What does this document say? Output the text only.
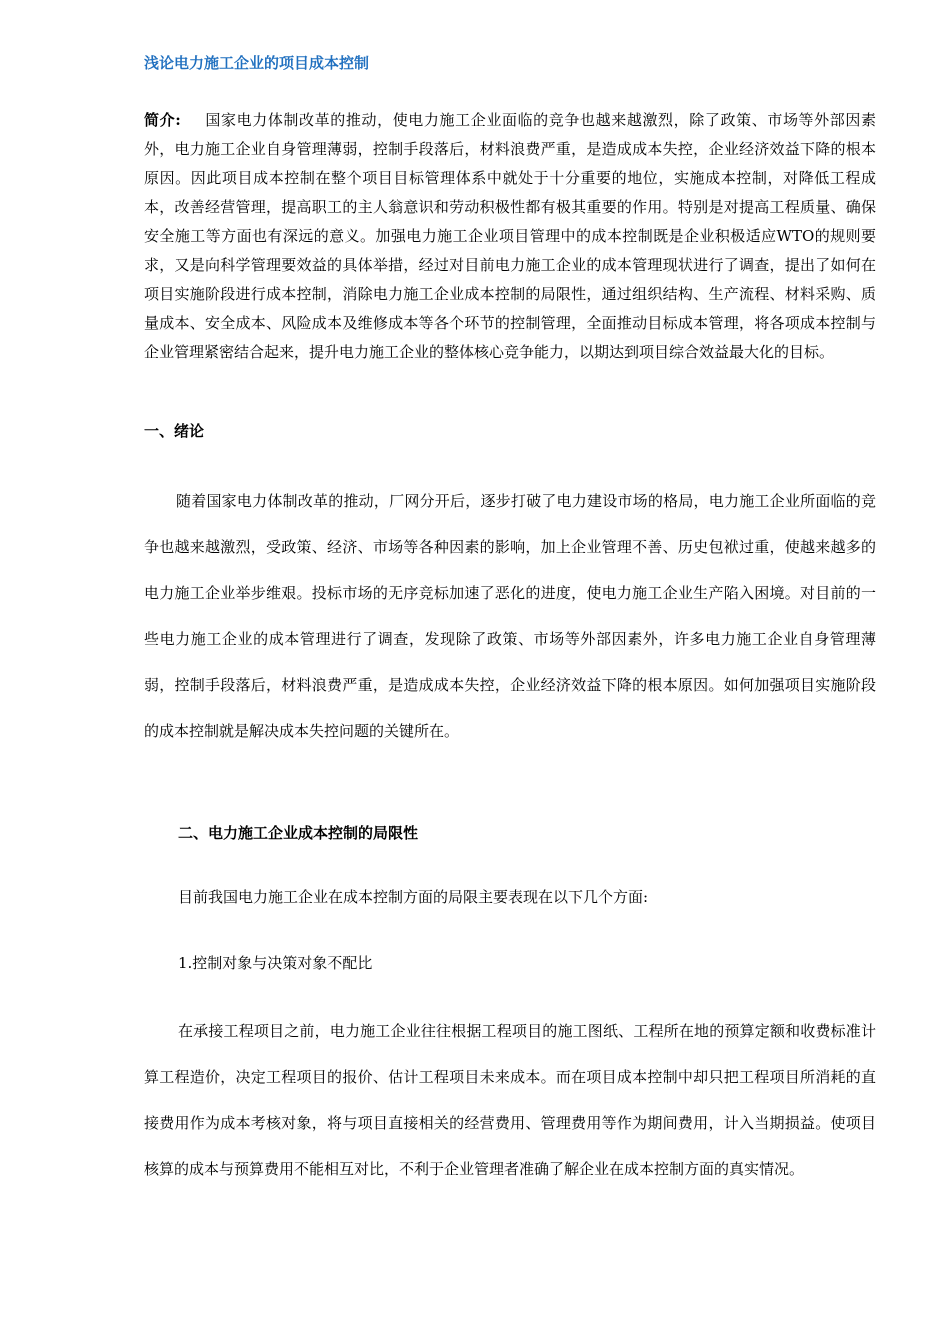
浅论电力施工企业的项目成本控制

简介: 国家电力体制改革的推动，使电力施工企业面临的竞争也越来越激烈，除了政策、市场等外部因素外，电力施工企业自身管理薄弱，控制手段落后，材料浪费严重，是造成成本失控，企业经济效益下降的根本原因。因此项目成本控制在整个项目目标管理体系中就处于十分重要的地位，实施成本控制，对降低工程成本，改善经营管理，提高职工的主人翁意识和劳动积极性都有极其重要的作用。特别是对提高工程质量、确保安全施工等方面也有深远的意义。加强电力施工企业项目管理中的成本控制既是企业积极适应WTO的规则要求，又是向科学管理要效益的具体举措，经过对目前电力施工企业的成本管理现状进行了调查，提出了如何在项目实施阶段进行成本控制，消除电力施工企业成本控制的局限性，通过组织结构、生产流程、材料采购、质量成本、安全成本、风险成本及维修成本等各个环节的控制管理，全面推动目标成本管理，将各项成本控制与企业管理紧密结合起来，提升电力施工企业的整体核心竞争能力，以期达到项目综合效益最大化的目标。

一、绪论

随着国家电力体制改革的推动，厂网分开后，逐步打破了电力建设市场的格局，电力施工企业所面临的竞争也越来越激烈，受政策、经济、市场等各种因素的影响，加上企业管理不善、历史包袱过重，使越来越多的电力施工企业举步维艰。投标市场的无序竞标加速了恶化的进度，使电力施工企业生产陷入困境。对目前的一些电力施工企业的成本管理进行了调查，发现除了政策、市场等外部因素外，许多电力施工企业自身管理薄弱，控制手段落后，材料浪费严重，是造成成本失控，企业经济效益下降的根本原因。如何加强项目实施阶段的成本控制就是解决成本失控问题的关键所在。

二、电力施工企业成本控制的局限性
目前我国电力施工企业在成本控制方面的局限主要表现在以下几个方面:
1.控制对象与决策对象不配比

在承接工程项目之前，电力施工企业往往根据工程项目的施工图纸、工程所在地的预算定额和收费标准计算工程造价，决定工程项目的报价、估计工程项目未来成本。而在项目成本控制中却只把工程项目所消耗的直接费用作为成本考核对象，将与项目直接相关的经营费用、管理费用等作为期间费用，计入当期损益。使项目核算的成本与预算费用不能相互对比，不利于企业管理者准确了解企业在成本控制方面的真实情况。
